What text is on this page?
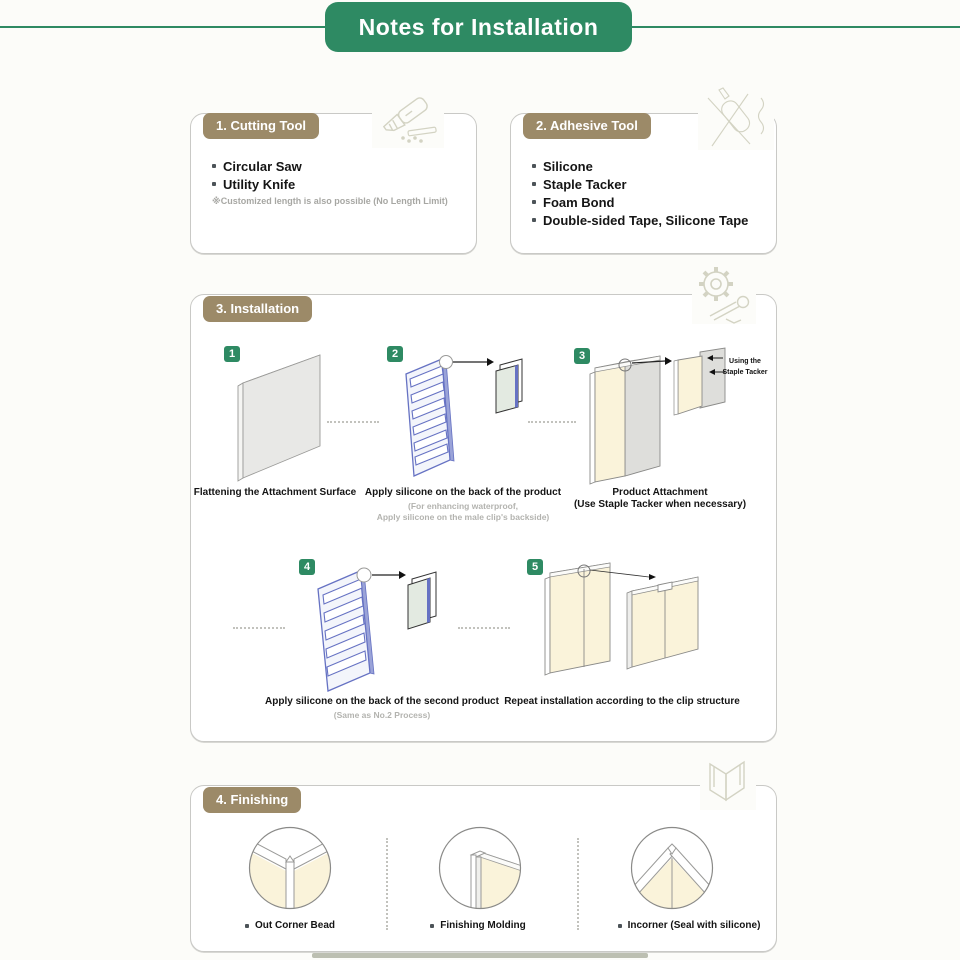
Notes for Installation
1. Cutting Tool
Circular Saw
Utility Knife
※Customized length is also possible (No Length Limit)
2. Adhesive Tool
Silicone
Staple Tacker
Foam Bond
Double-sided Tape, Silicone Tape
3. Installation
1	2	3
4	5
Using the
Staple Tacker
Flattening the Attachment Surface Apply silicone on the back of the product
(For enhancing waterproof,
Apply silicone on the male clip's backside)
Product Attachment
(Use Staple Tacker when necessary)
Apply silicone on the back of the second product
(Same as No.2 Process)
Repeat installation according to the clip structure
4. Finishing
Out Corner Bead	Finishing Molding	Incorner (Seal with silicone)
